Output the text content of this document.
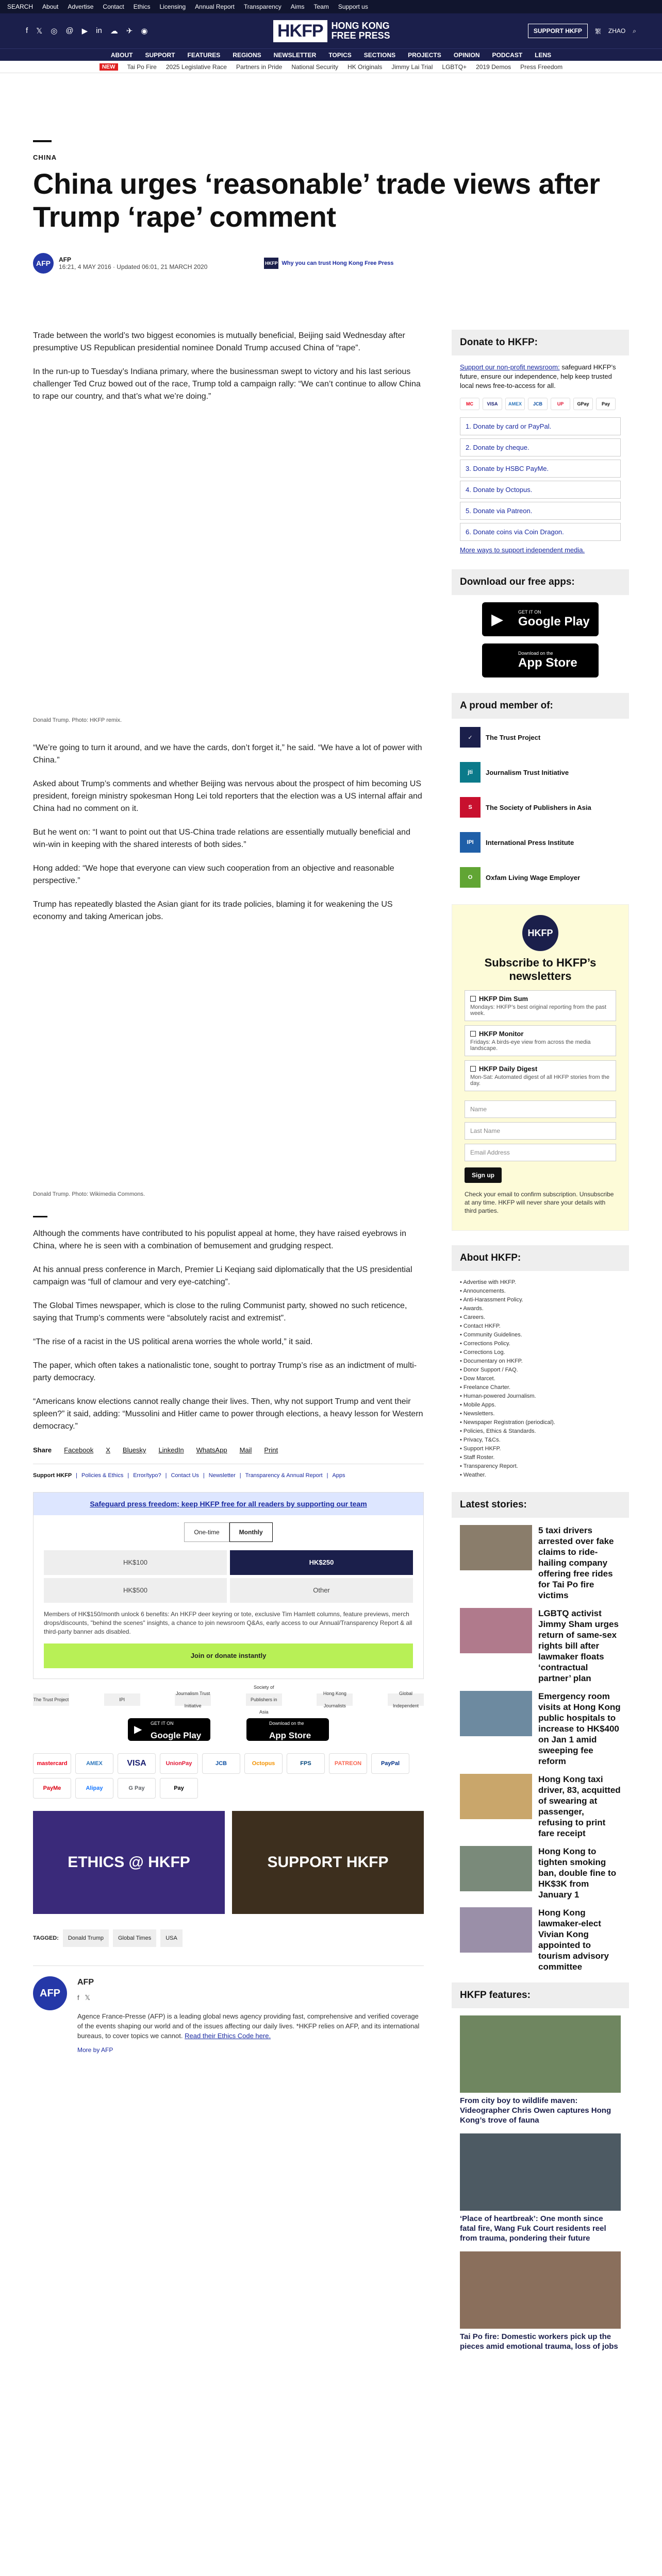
SEARCH About Advertise Contact Ethics Licensing Annual Report Transparency Aims Team Support us
f 𝕏 ◎ @ ▶ in ☁ ✈ ◉	HKFP HONG KONG
FREE PRESS	SUPPORT HKFP	繁 ZHAO ⌕
ABOUT SUPPORT FEATURES REGIONS NEWSLETTER TOPICS SECTIONS PROJECTS OPINION PODCAST LENS
NEW	Tai Po Fire 2025 Legislative Race Partners in Pride National Security HK Originals Jimmy Lai Trial LGBTQ+ 2019 Demos Press Freedom
CHINA
China urges ‘reasonable’ trade views after Trump ‘rape’ comment
AFP	AFP
16:21, 4 MAY 2016 · Updated 06:01, 21 MARCH 2020	HKFP Why you can trust Hong Kong Free Press

Trade between the world’s two biggest economies is mutually beneficial, Beijing said Wednesday after presumptive US Republican presidential nominee Donald Trump accused China of “rape”.

In the run-up to Tuesday’s Indiana primary, where the businessman swept to victory and his last serious challenger Ted Cruz bowed out of the race, Trump told a campaign rally: “We can’t continue to allow China to rape our country, and that’s what we’re doing.”

Donald Trump. Photo: HKFP remix.

“We’re going to turn it around, and we have the cards, don’t forget it,” he said. “We have a lot of power with China.”

Asked about Trump’s comments and whether Beijing was nervous about the prospect of him becoming US president, foreign ministry spokesman Hong Lei told reporters that the election was a US internal affair and China had no comment on it.

But he went on: “I want to point out that US-China trade relations are essentially mutually beneficial and win-win in keeping with the shared interests of both sides.”

Hong added: “We hope that everyone can view such cooperation from an objective and reasonable perspective.”

Trump has repeatedly blasted the Asian giant for its trade policies, blaming it for weakening the US economy and taking American jobs.

Donald Trump. Photo: Wikimedia Commons.

Although the comments have contributed to his populist appeal at home, they have raised eyebrows in China, where he is seen with a combination of bemusement and grudging respect.

At his annual press conference in March, Premier Li Keqiang said diplomatically that the US presidential campaign was “full of clamour and very eye-catching”.

The Global Times newspaper, which is close to the ruling Communist party, showed no such reticence, saying that Trump’s comments were “absolutely racist and extremist”.

“The rise of a racist in the US political arena worries the whole world,” it said.

The paper, which often takes a nationalistic tone, sought to portray Trump’s rise as an indictment of multi-party democracy.

“Americans know elections cannot really change their lives. Then, why not support Trump and vent their spleen?” it said, adding: “Mussolini and Hitler came to power through elections, a heavy lesson for Western democracy.”

Share Facebook X Bluesky LinkedIn WhatsApp Mail Print
Support HKFP | Policies & Ethics | Error/typo? | Contact Us | Newsletter | Transparency & Annual Report | Apps
Safeguard press freedom; keep HKFP free for all readers by supporting our team
One-time	Monthly
HK$100	HK$250
HK$500	Other
Members of HK$150/month unlock 6 benefits: An HKFP deer keyring or tote, exclusive Tim Hamlett columns, feature previews, merch drops/discounts, "behind the scenes" insights, a chance to join newsroom Q&As, early access to our Annual/Transparency Report & all third-party banner ads disabled.
Join or donate instantly
The Trust Project	IPI
Journalism Trust Initiative
Society of Publishers in Asia
Hong Kong Journalists
Global Independent
▶
GET IT ON
Google Play
Download on the
App Store
mastercard	AMEX	VISA	UnionPay	JCB	Octopus	FPS	PATREON	PayPal
PayMe	Alipay	G Pay	Pay
ETHICS @ HKFP	SUPPORT HKFP
TAGGED:	Donald Trump	Global Times	USA
AFP
AFP
f 𝕏
Agence France-Presse (AFP) is a leading global news agency providing fast, comprehensive and verified coverage of the events shaping our world and of the issues affecting our daily lives. *HKFP relies on AFP, and its international bureaus, to cover topics we cannot. Read their Ethics Code here.
More by AFP
Donate to HKFP:
Support our non-profit newsroom: safeguard HKFP’s future, ensure our independence, help keep trusted local news free-to-access for all.
MC	VISA	AMEX	JCB	UP	GPay	Pay
1. Donate by card or PayPal.
2. Donate by cheque.
3. Donate by HSBC PayMe.
4. Donate by Octopus.
5. Donate via Patreon.
6. Donate coins via Coin Dragon.
More ways to support independent media.
Download our free apps:
▶	GET IT ON
Google Play
Download on the
App Store
A proud member of:
✓	The Trust Project
jti	Journalism Trust Initiative
S	The Society of Publishers in Asia
IPI	International Press Institute
O	Oxfam Living Wage Employer
HKFP
Subscribe to HKFP’s newsletters
HKFP Dim Sum
Mondays: HKFP’s best original reporting from the past week.
HKFP Monitor
Fridays: A birds-eye view from across the media landscape.
HKFP Daily Digest
Mon-Sat: Automated digest of all HKFP stories from the day.
Name
Last Name
Email Address
Sign up
Check your email to confirm subscription. Unsubscribe at any time. HKFP will never share your details with third parties.
About HKFP:
• Advertise with HKFP.
• Announcements.
• Anti-Harassment Policy.
• Awards.
• Careers.
• Contact HKFP.
• Community Guidelines.
• Corrections Policy.
• Corrections Log.
• Documentary on HKFP.
• Donor Support / FAQ.
• Dow Marcet.
• Freelance Charter.
• Human-powered Journalism.
• Mobile Apps.
• Newsletters.
• Newspaper Registration (periodical).
• Policies, Ethics & Standards.
• Privacy, T&Cs.
• Support HKFP.
• Staff Roster.
• Transparency Report.
• Weather.
Latest stories:
5 taxi drivers arrested over fake claims to ride-hailing company offering free rides for Tai Po fire victims
LGBTQ activist Jimmy Sham urges return of same-sex rights bill after lawmaker floats ‘contractual partner’ plan
Emergency room visits at Hong Kong public hospitals to increase to HK$400 on Jan 1 amid sweeping fee reform
Hong Kong taxi driver, 83, acquitted of swearing at passenger, refusing to print fare receipt
Hong Kong to tighten smoking ban, double fine to HK$3K from January 1
Hong Kong lawmaker-elect Vivian Kong appointed to tourism advisory committee
HKFP features:
From city boy to wildlife maven: Videographer Chris Owen captures Hong Kong’s trove of fauna
‘Place of heartbreak’: One month since fatal fire, Wang Fuk Court residents reel from trauma, pondering their future
Tai Po fire: Domestic workers pick up the pieces amid emotional trauma, loss of jobs
